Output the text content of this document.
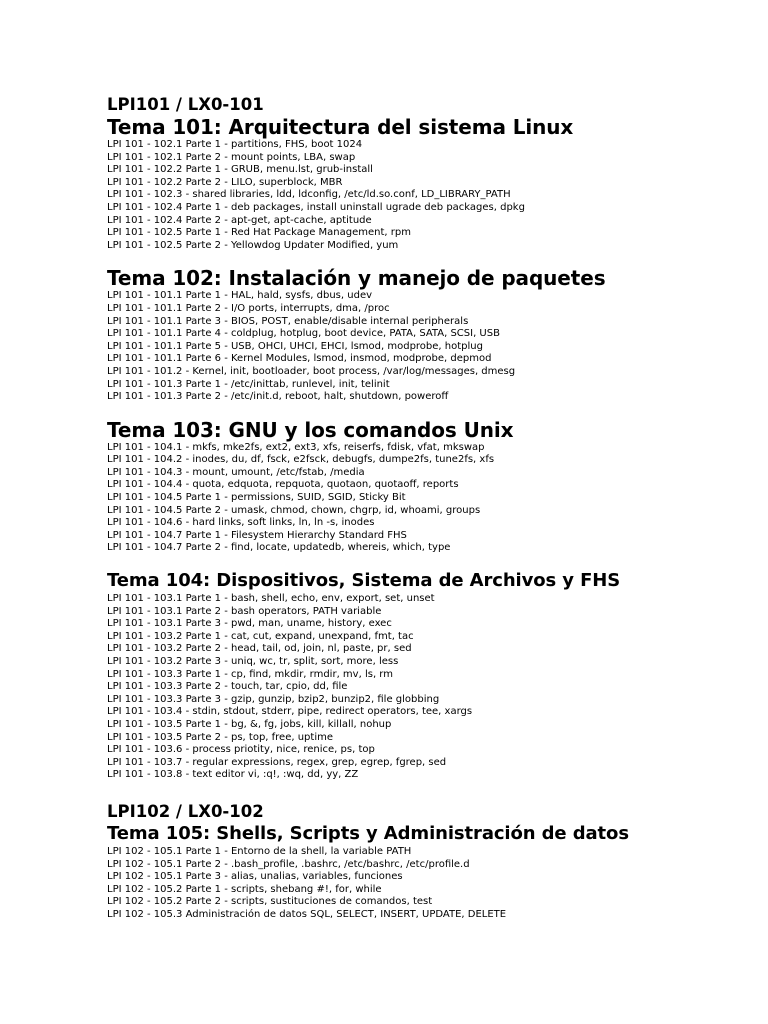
LPI101 / LX0-101
Tema 101: Arquitectura del sistema Linux
LPI 101 - 102.1 Parte 1 - partitions, FHS, boot 1024
LPI 101 - 102.1 Parte 2 - mount points, LBA, swap
LPI 101 - 102.2 Parte 1 - GRUB, menu.lst, grub-install
LPI 101 - 102.2 Parte 2 - LILO, superblock, MBR
LPI 101 - 102.3 - shared libraries, ldd, ldconfig, /etc/ld.so.conf, LD_LIBRARY_PATH
LPI 101 - 102.4 Parte 1 - deb packages, install uninstall ugrade deb packages, dpkg
LPI 101 - 102.4 Parte 2 - apt-get, apt-cache, aptitude
LPI 101 - 102.5 Parte 1 - Red Hat Package Management, rpm
LPI 101 - 102.5 Parte 2 - Yellowdog Updater Modified, yum
Tema 102: Instalación y manejo de paquetes
LPI 101 - 101.1 Parte 1 - HAL, hald, sysfs, dbus, udev
LPI 101 - 101.1 Parte 2 - I/O ports, interrupts, dma, /proc
LPI 101 - 101.1 Parte 3 - BIOS, POST, enable/disable internal peripherals
LPI 101 - 101.1 Parte 4 - coldplug, hotplug, boot device, PATA, SATA, SCSI, USB
LPI 101 - 101.1 Parte 5 - USB, OHCI, UHCI, EHCI, lsmod, modprobe, hotplug
LPI 101 - 101.1 Parte 6 - Kernel Modules, lsmod, insmod, modprobe, depmod
LPI 101 - 101.2 - Kernel, init, bootloader, boot process, /var/log/messages, dmesg
LPI 101 - 101.3 Parte 1 - /etc/inittab, runlevel, init, telinit
LPI 101 - 101.3 Parte 2 - /etc/init.d, reboot, halt, shutdown, poweroff
Tema 103: GNU y los comandos Unix
LPI 101 - 104.1 - mkfs, mke2fs, ext2, ext3, xfs, reiserfs, fdisk, vfat, mkswap
LPI 101 - 104.2 - inodes, du, df, fsck, e2fsck, debugfs, dumpe2fs, tune2fs, xfs
LPI 101 - 104.3 - mount, umount, /etc/fstab, /media
LPI 101 - 104.4 - quota, edquota, repquota, quotaon, quotaoff, reports
LPI 101 - 104.5 Parte 1 - permissions, SUID, SGID, Sticky Bit
LPI 101 - 104.5 Parte 2 - umask, chmod, chown, chgrp, id, whoami, groups
LPI 101 - 104.6 - hard links, soft links, ln, ln -s, inodes
LPI 101 - 104.7 Parte 1 - Filesystem Hierarchy Standard FHS
LPI 101 - 104.7 Parte 2 - find, locate, updatedb, whereis, which, type
Tema 104: Dispositivos, Sistema de Archivos y FHS
LPI 101 - 103.1 Parte 1 - bash, shell, echo, env, export, set, unset
LPI 101 - 103.1 Parte 2 - bash operators, PATH variable
LPI 101 - 103.1 Parte 3 - pwd, man, uname, history, exec
LPI 101 - 103.2 Parte 1 - cat, cut, expand, unexpand, fmt, tac
LPI 101 - 103.2 Parte 2 - head, tail, od, join, nl, paste, pr, sed
LPI 101 - 103.2 Parte 3 - uniq, wc, tr, split, sort, more, less
LPI 101 - 103.3 Parte 1 - cp, find, mkdir, rmdir, mv, ls, rm
LPI 101 - 103.3 Parte 2 - touch, tar, cpio, dd, file
LPI 101 - 103.3 Parte 3 - gzip, gunzip, bzip2, bunzip2, file globbing
LPI 101 - 103.4 - stdin, stdout, stderr, pipe, redirect operators, tee, xargs
LPI 101 - 103.5 Parte 1 - bg, &, fg, jobs, kill, killall, nohup
LPI 101 - 103.5 Parte 2 - ps, top, free, uptime
LPI 101 - 103.6 - process priotity, nice, renice, ps, top
LPI 101 - 103.7 - regular expressions, regex, grep, egrep, fgrep, sed
LPI 101 - 103.8 - text editor vi, :q!, :wq, dd, yy, ZZ
LPI102 / LX0-102
Tema 105: Shells, Scripts y Administración de datos
LPI 102 - 105.1 Parte 1 - Entorno de la shell, la variable PATH
LPI 102 - 105.1 Parte 2 - .bash_profile, .bashrc, /etc/bashrc, /etc/profile.d
LPI 102 - 105.1 Parte 3 - alias, unalias, variables, funciones
LPI 102 - 105.2 Parte 1 - scripts, shebang #!, for, while
LPI 102 - 105.2 Parte 2 - scripts, sustituciones de comandos, test
LPI 102 - 105.3 Administración de datos SQL, SELECT, INSERT, UPDATE, DELETE
